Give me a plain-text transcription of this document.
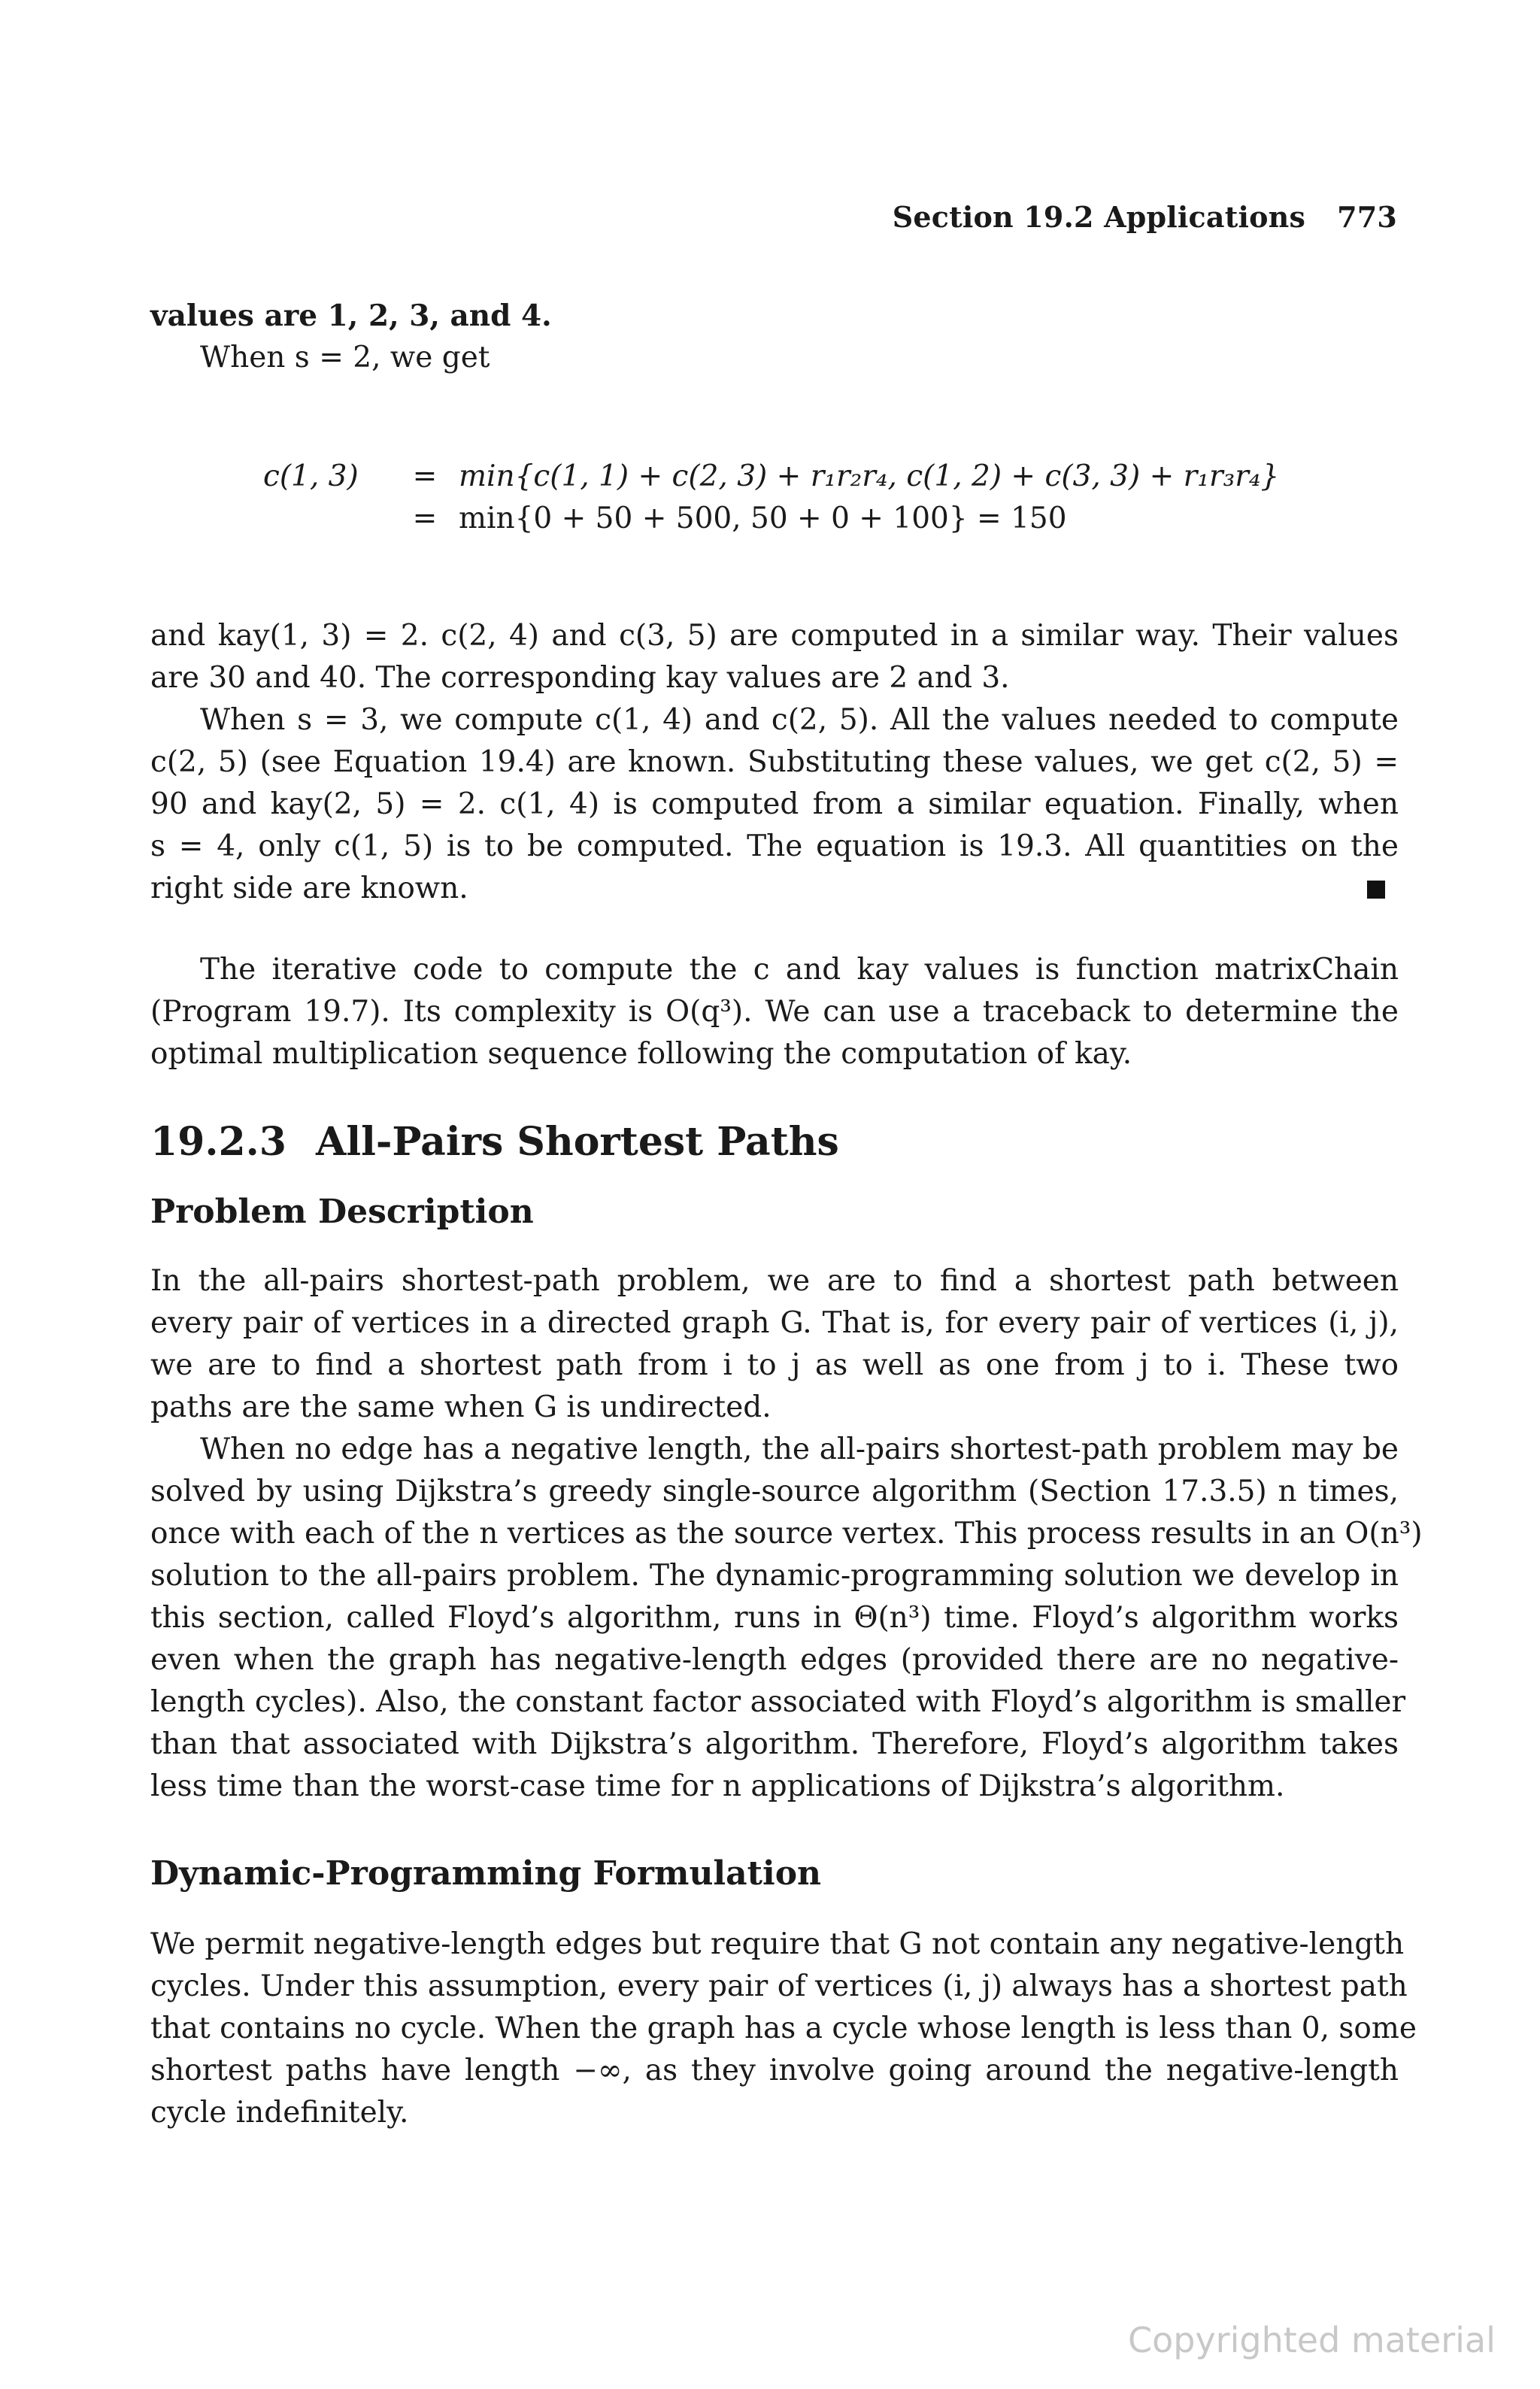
Section 19.2 Applications 773
values are 1, 2, 3, and 4.
When s = 2, we get
c(1, 3) = min{c(1, 1) + c(2, 3) + r₁r₂r₄, c(1, 2) + c(3, 3) + r₁r₃r₄}
= min{0 + 50 + 500, 50 + 0 + 100} = 150
and kay(1, 3) = 2. c(2, 4) and c(3, 5) are computed in a similar way. Their values
are 30 and 40. The corresponding kay values are 2 and 3.
When s = 3, we compute c(1, 4) and c(2, 5). All the values needed to compute
c(2, 5) (see Equation 19.4) are known. Substituting these values, we get c(2, 5) =
90 and kay(2, 5) = 2. c(1, 4) is computed from a similar equation. Finally, when
s = 4, only c(1, 5) is to be computed. The equation is 19.3. All quantities on the
right side are known.
The iterative code to compute the c and kay values is function matrixChain
(Program 19.7). Its complexity is O(q³). We can use a traceback to determine the
optimal multiplication sequence following the computation of kay.
19.2.3 All-Pairs Shortest Paths
Problem Description
In the all-pairs shortest-path problem, we are to find a shortest path between
every pair of vertices in a directed graph G. That is, for every pair of vertices (i, j),
we are to find a shortest path from i to j as well as one from j to i. These two
paths are the same when G is undirected.
When no edge has a negative length, the all-pairs shortest-path problem may be
solved by using Dijkstra’s greedy single-source algorithm (Section 17.3.5) n times,
once with each of the n vertices as the source vertex. This process results in an O(n³)
solution to the all-pairs problem. The dynamic-programming solution we develop in
this section, called Floyd’s algorithm, runs in Θ(n³) time. Floyd’s algorithm works
even when the graph has negative-length edges (provided there are no negative-
length cycles). Also, the constant factor associated with Floyd’s algorithm is smaller
than that associated with Dijkstra’s algorithm. Therefore, Floyd’s algorithm takes
less time than the worst-case time for n applications of Dijkstra’s algorithm.
Dynamic-Programming Formulation
We permit negative-length edges but require that G not contain any negative-length
cycles. Under this assumption, every pair of vertices (i, j) always has a shortest path
that contains no cycle. When the graph has a cycle whose length is less than 0, some
shortest paths have length −∞, as they involve going around the negative-length
cycle indefinitely.
Copyrighted material
